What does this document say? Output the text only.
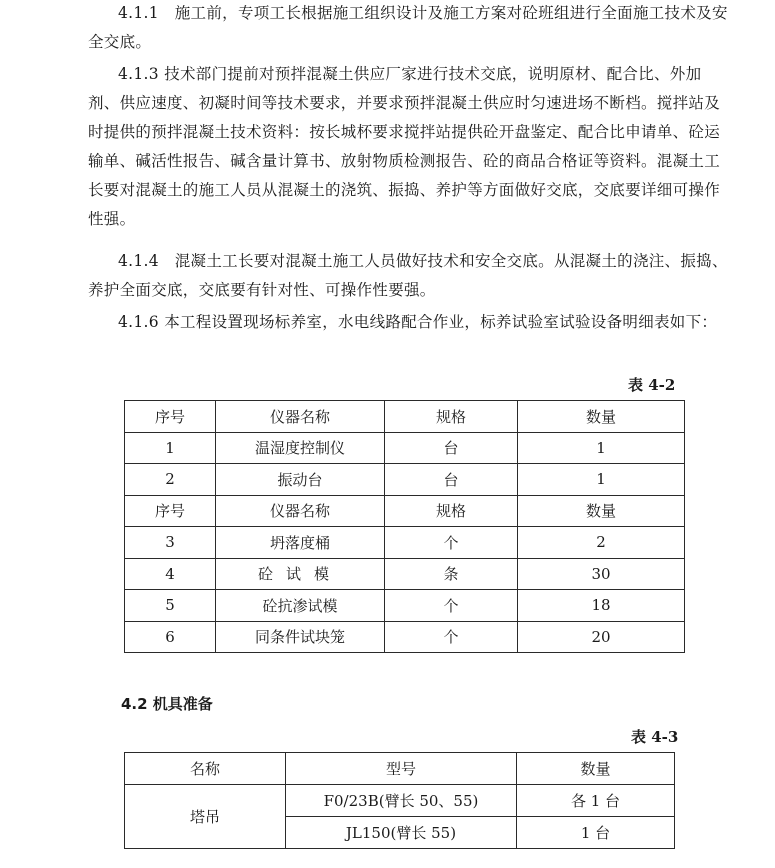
4.1.1　施工前，专项工长根据施工组织设计及施工方案对砼班组进行全面施工技术及安全交底。

4.1.3 技术部门提前对预拌混凝土供应厂家进行技术交底，说明原材、配合比、外加剂、供应速度、初凝时间等技术要求，并要求预拌混凝土供应时匀速进场不断档。搅拌站及时提供的预拌混凝土技术资料：按长城杯要求搅拌站提供砼开盘鉴定、配合比申请单、砼运输单、碱活性报告、碱含量计算书、放射物质检测报告、砼的商品合格证等资料。混凝土工长要对混凝土的施工人员从混凝土的浇筑、振捣、养护等方面做好交底，交底要详细可操作性强。

4.1.4　混凝土工长要对混凝土施工人员做好技术和安全交底。从混凝土的浇注、振捣、养护全面交底，交底要有针对性、可操作性要强。

4.1.6 本工程设置现场标养室，水电线路配合作业，标养试验室试验设备明细表如下：

表 4-2
序号	仪器名称	规格	数量
1	温湿度控制仪	台	1
2	振动台	台	1
序号	仪器名称	规格	数量
3	坍落度桶	个	2
4	砼试模	条	30
5	砼抗渗试模	个	18
6	同条件试块笼	个	20
4.2 机具准备
表 4-3
名称	型号	数量
塔吊	F0/23B(臂长 50、55)	各 1 台
	JL150(臂长 55)	1 台
